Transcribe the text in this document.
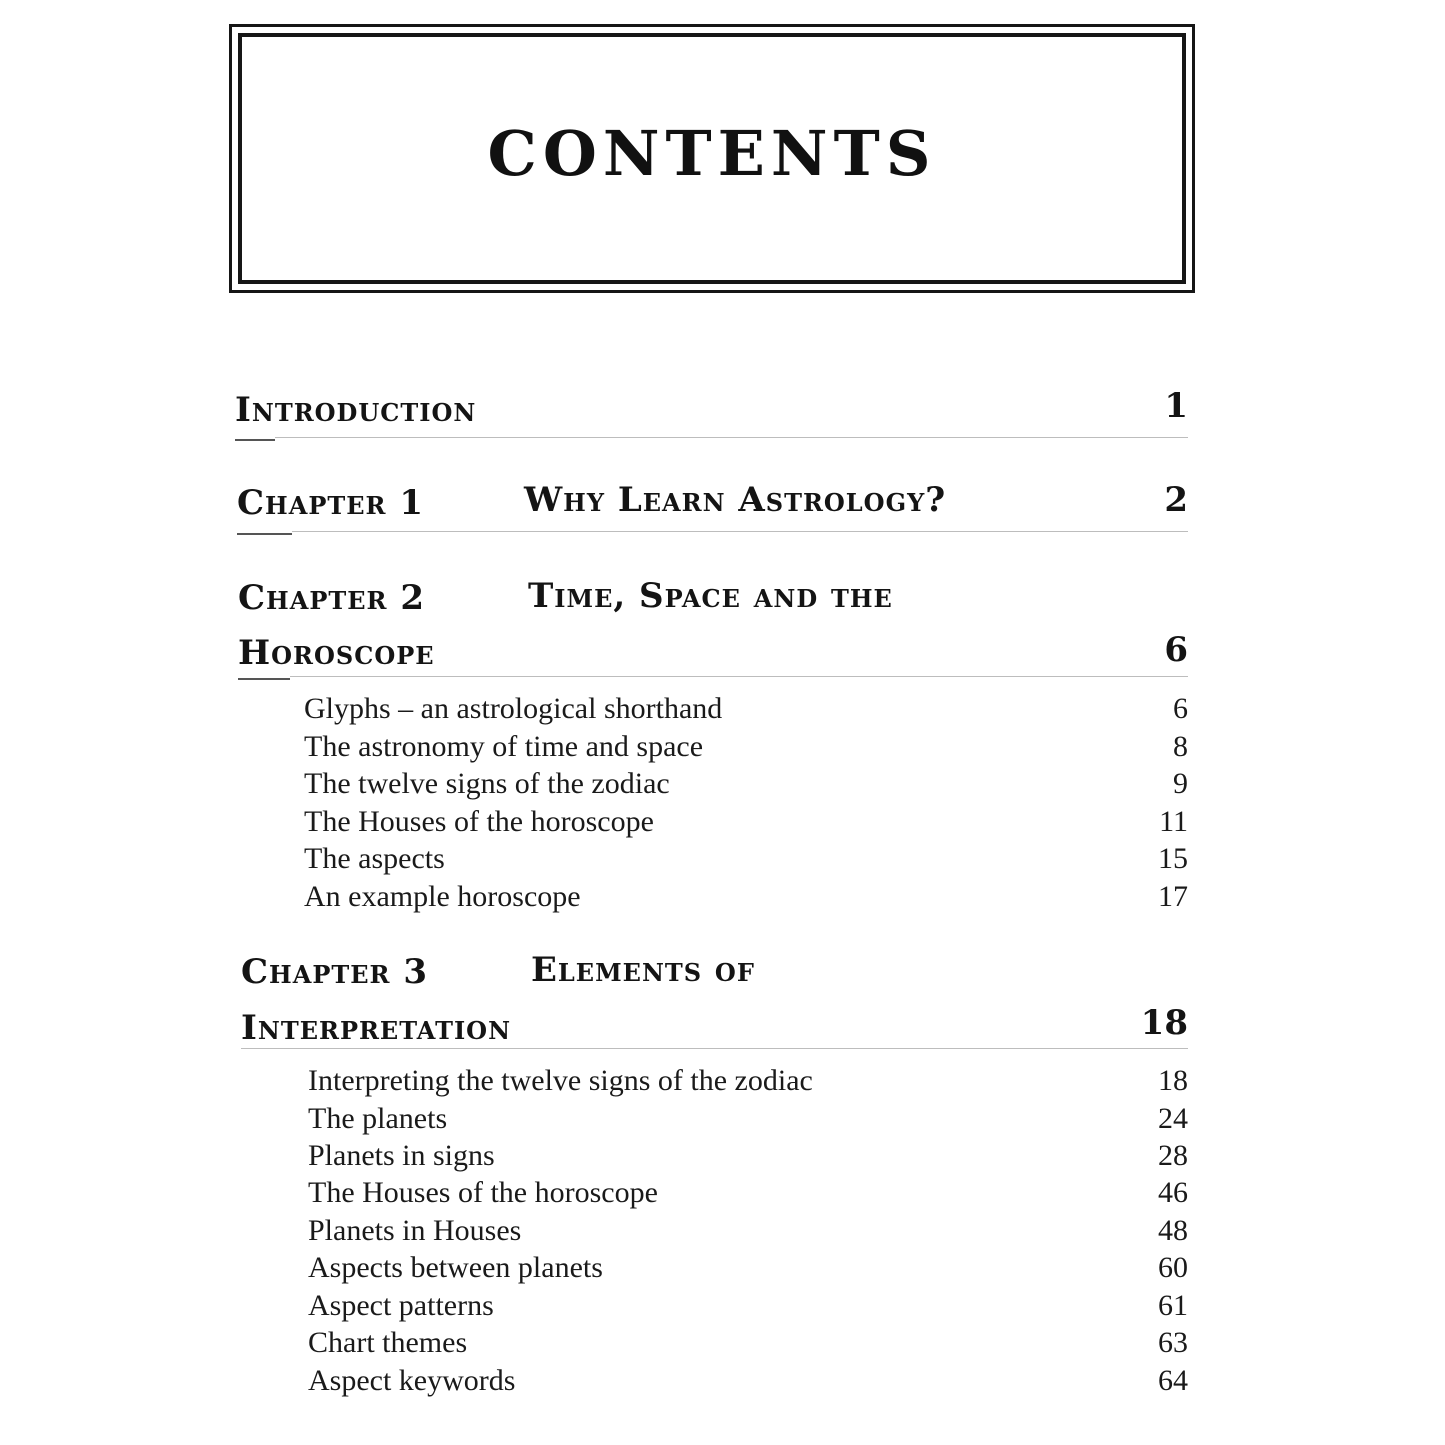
CONTENTS
Introduction	1
Chapter 1	Why Learn Astrology?	2
Chapter 2	Time, Space and the
Horoscope	6
Glyphs – an astrological shorthand	6
The astronomy of time and space	8
The twelve signs of the zodiac	9
The Houses of the horoscope	11
The aspects	15
An example horoscope	17
Chapter 3	Elements of
Interpretation	18
Interpreting the twelve signs of the zodiac	18
The planets	24
Planets in signs	28
The Houses of the horoscope	46
Planets in Houses	48
Aspects between planets	60
Aspect patterns	61
Chart themes	63
Aspect keywords	64
